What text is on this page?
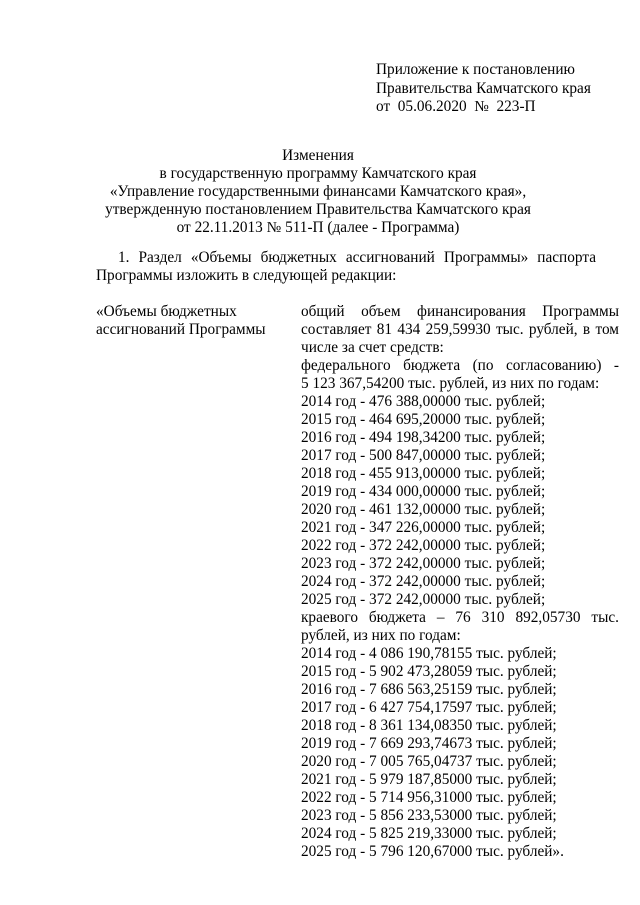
Приложение к постановлению
Правительства Камчатского края
от  05.06.2020  №  223-П
Изменения
в государственную программу Камчатского края
«Управление государственными финансами Камчатского края»,
утвержденную постановлением Правительства Камчатского края
от 22.11.2013 № 511-П (далее - Программа)
1. Раздел «Объемы бюджетных ассигнований Программы» паспорта
Программы изложить в следующей редакции:
«Объемы бюджетных
ассигнований Программы
общий объем финансирования Программы
составляет 81 434 259,59930 тыс. рублей, в том
числе за счет средств:
федерального бюджета (по согласованию) -
5 123 367,54200 тыс. рублей, из них по годам:
2014 год - 476 388,00000 тыс. рублей;
2015 год - 464 695,20000 тыс. рублей;
2016 год - 494 198,34200 тыс. рублей;
2017 год - 500 847,00000 тыс. рублей;
2018 год - 455 913,00000 тыс. рублей;
2019 год - 434 000,00000 тыс. рублей;
2020 год - 461 132,00000 тыс. рублей;
2021 год - 347 226,00000 тыс. рублей;
2022 год - 372 242,00000 тыс. рублей;
2023 год - 372 242,00000 тыс. рублей;
2024 год - 372 242,00000 тыс. рублей;
2025 год - 372 242,00000 тыс. рублей;
краевого бюджета – 76 310 892,05730 тыс.
рублей, из них по годам:
2014 год - 4 086 190,78155 тыс. рублей;
2015 год - 5 902 473,28059 тыс. рублей;
2016 год - 7 686 563,25159 тыс. рублей;
2017 год - 6 427 754,17597 тыс. рублей;
2018 год - 8 361 134,08350 тыс. рублей;
2019 год - 7 669 293,74673 тыс. рублей;
2020 год - 7 005 765,04737 тыс. рублей;
2021 год - 5 979 187,85000 тыс. рублей;
2022 год - 5 714 956,31000 тыс. рублей;
2023 год - 5 856 233,53000 тыс. рублей;
2024 год - 5 825 219,33000 тыс. рублей;
2025 год - 5 796 120,67000 тыс. рублей».
